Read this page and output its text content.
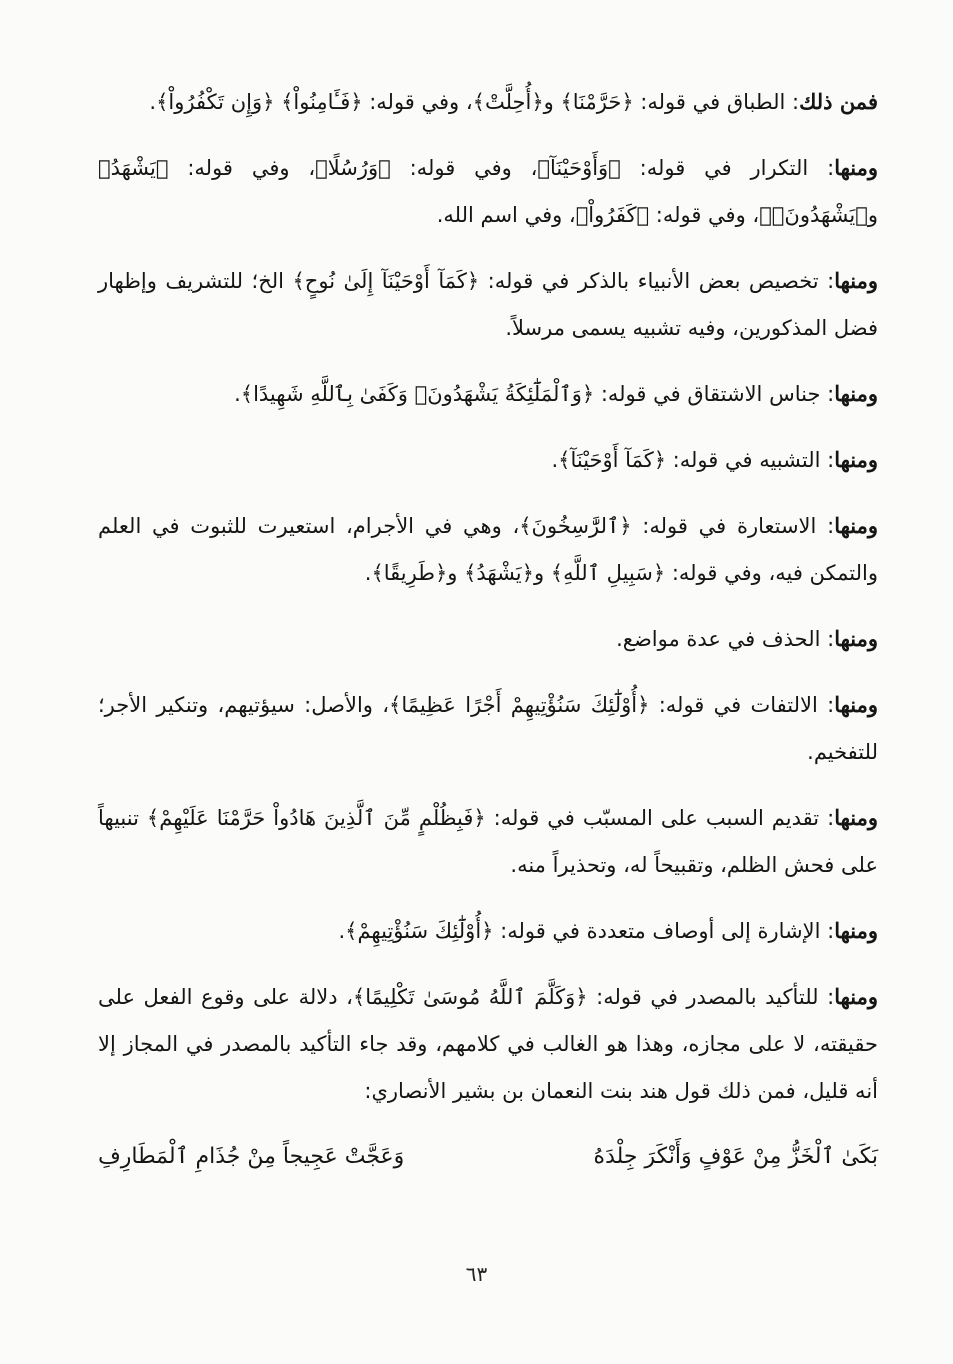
فمن ذلك: الطباق في قوله: ﴿حَرَّمْنَا﴾ و﴿أُحِلَّتْ﴾، وفي قوله: ﴿فَـَٔامِنُواْ﴾ ﴿وَإِن تَكْفُرُواْ﴾.

ومنها: التكرار في قوله: ﴿وَأَوْحَيْنَآ﴾، وفي قوله: ﴿وَرُسُلًا﴾، وفي قوله: ﴿يَشْهَدُ﴾ و﴿يَشْهَدُونَۚ﴾، وفي قوله: ﴿كَفَرُواْ﴾، وفي اسم الله.

ومنها: تخصيص بعض الأنبياء بالذكر في قوله: ﴿كَمَآ أَوْحَيْنَآ إِلَىٰ نُوحٍ﴾ الخ؛ للتشريف وإظهار فضل المذكورين، وفيه تشبيه يسمى مرسلاً.

ومنها: جناس الاشتقاق في قوله: ﴿وَٱلْمَلَٰٓئِكَةُ يَشْهَدُونَۚ وَكَفَىٰ بِٱللَّهِ شَهِيدًا﴾.

ومنها: التشبيه في قوله: ﴿كَمَآ أَوْحَيْنَآ﴾.

ومنها: الاستعارة في قوله: ﴿ٱلرَّٰسِخُونَ﴾، وهي في الأجرام، استعيرت للثبوت في العلم والتمكن فيه، وفي قوله: ﴿سَبِيلِ ٱللَّهِ﴾ و﴿يَشْهَدُ﴾ و﴿طَرِيقًا﴾.

ومنها: الحذف في عدة مواضع.

ومنها: الالتفات في قوله: ﴿أُوْلَٰٓئِكَ سَنُؤْتِيهِمْ أَجْرًا عَظِيمًا﴾، والأصل: سيؤتيهم، وتنكير الأجر؛ للتفخيم.

ومنها: تقديم السبب على المسبّب في قوله: ﴿فَبِظُلْمٍ مِّنَ ٱلَّذِينَ هَادُواْ حَرَّمْنَا عَلَيْهِمْ﴾ تنبيهاً على فحش الظلم، وتقبيحاً له، وتحذيراً منه.

ومنها: الإشارة إلى أوصاف متعددة في قوله: ﴿أُوْلَٰٓئِكَ سَنُؤْتِيهِمْ﴾.

ومنها: للتأكيد بالمصدر في قوله: ﴿وَكَلَّمَ ٱللَّهُ مُوسَىٰ تَكْلِيمًا﴾، دلالة على وقوع الفعل على حقيقته، لا على مجازه، وهذا هو الغالب في كلامهم، وقد جاء التأكيد بالمصدر في المجاز إلا أنه قليل، فمن ذلك قول هند بنت النعمان بن بشير الأنصاري:

بَكَىٰ ٱلْخَزُّ مِنْ عَوْفٍ وَأَنْكَرَ جِلْدَهُ
وَعَجَّتْ عَجِيجاً مِنْ جُذَامِ ٱلْمَطَارِفِ
٦٣
